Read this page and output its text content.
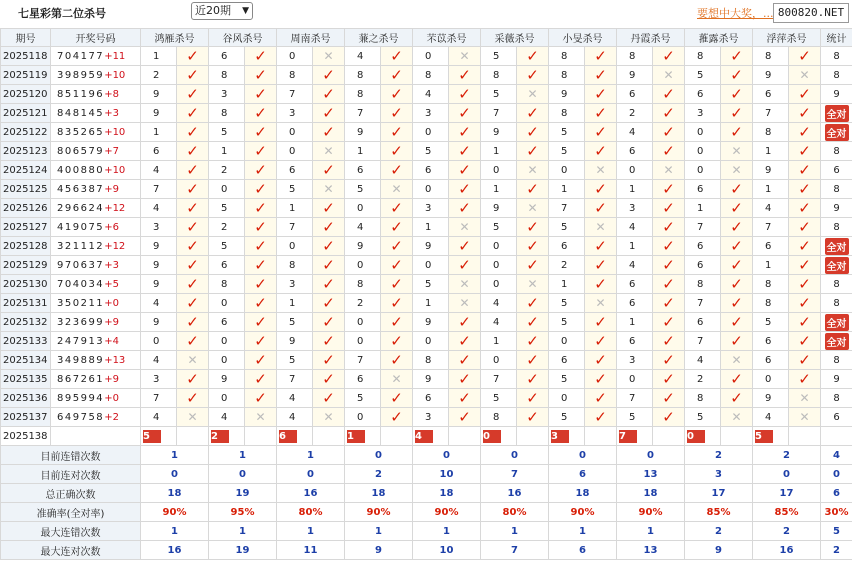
七星彩第二位杀号	近20期 ▼	要想中大奖，... 800820.NET
期号	开奖号码	鸿雁杀号		谷风杀号		周南杀号		蒹之杀号		芣苡杀号		采薇杀号		小旻杀号		丹霞杀号		蓷露杀号		浮萍杀号		统计
2025118	704177+11	1	✓	6	✓	0	✕	4	✓	0	✕	5	✓	8	✓	8	✓	8	✓	8	✓	8
2025119	398959+10	2	✓	8	✓	8	✓	8	✓	8	✓	8	✓	8	✓	9	✕	5	✓	9	✕	8
2025120	851196+8	9	✓	3	✓	7	✓	8	✓	4	✓	5	✕	9	✓	6	✓	6	✓	6	✓	9
2025121	848145+3	9	✓	8	✓	3	✓	7	✓	3	✓	7	✓	8	✓	2	✓	3	✓	7	✓	全对
2025122	835265+10	1	✓	5	✓	0	✓	9	✓	0	✓	9	✓	5	✓	4	✓	0	✓	8	✓	全对
2025123	806579+7	6	✓	1	✓	0	✕	1	✓	5	✓	1	✓	5	✓	6	✓	0	✕	1	✓	8
2025124	400880+10	4	✓	2	✓	6	✓	6	✓	6	✓	0	✕	0	✕	0	✕	0	✕	9	✓	6
2025125	456387+9	7	✓	0	✓	5	✕	5	✕	0	✓	1	✓	1	✓	1	✓	6	✓	1	✓	8
2025126	296624+12	4	✓	5	✓	1	✓	0	✓	3	✓	9	✕	7	✓	3	✓	1	✓	4	✓	9
2025127	419075+6	3	✓	2	✓	7	✓	4	✓	1	✕	5	✓	5	✕	4	✓	7	✓	7	✓	8
2025128	321112+12	9	✓	5	✓	0	✓	9	✓	9	✓	0	✓	6	✓	1	✓	6	✓	6	✓	全对
2025129	970637+3	9	✓	6	✓	8	✓	0	✓	0	✓	0	✓	2	✓	4	✓	6	✓	1	✓	全对
2025130	704034+5	9	✓	8	✓	3	✓	8	✓	5	✕	0	✕	1	✓	6	✓	8	✓	8	✓	8
2025131	350211+0	4	✓	0	✓	1	✓	2	✓	1	✕	4	✓	5	✕	6	✓	7	✓	8	✓	8
2025132	323699+9	9	✓	6	✓	5	✓	0	✓	9	✓	4	✓	5	✓	1	✓	6	✓	5	✓	全对
2025133	247913+4	0	✓	0	✓	9	✓	0	✓	0	✓	1	✓	0	✓	6	✓	7	✓	6	✓	全对
2025134	349889+13	4	✕	0	✓	5	✓	7	✓	8	✓	0	✓	6	✓	3	✓	4	✕	6	✓	8
2025135	867261+9	3	✓	9	✓	7	✓	6	✕	9	✓	7	✓	5	✓	0	✓	2	✓	0	✓	9
2025136	895994+0	7	✓	0	✓	4	✓	5	✓	6	✓	5	✓	0	✓	7	✓	8	✓	9	✕	8
2025137	649758+2	4	✕	4	✕	4	✕	0	✓	3	✓	8	✓	5	✓	5	✓	5	✕	4	✕	6
2025138	当前期杀号	5		2		6		1		4		0		3		7		0		5		
目前连错次数		1		1		1		0		0		0		0		0		2		2		4
目前连对次数		0		0		0		2		10		7		6		13		3		0		0
总正确次数		18		19		16		18		18		16		18		18		17		17		6
准确率(全对率)		90%		95%		80%		90%		90%		80%		90%		90%		85%		85%		30%
最大连错次数		1		1		1		1		1		1		1		1		2		2		5
最大连对次数		16		19		11		9		10		7		6		13		9		16		2
